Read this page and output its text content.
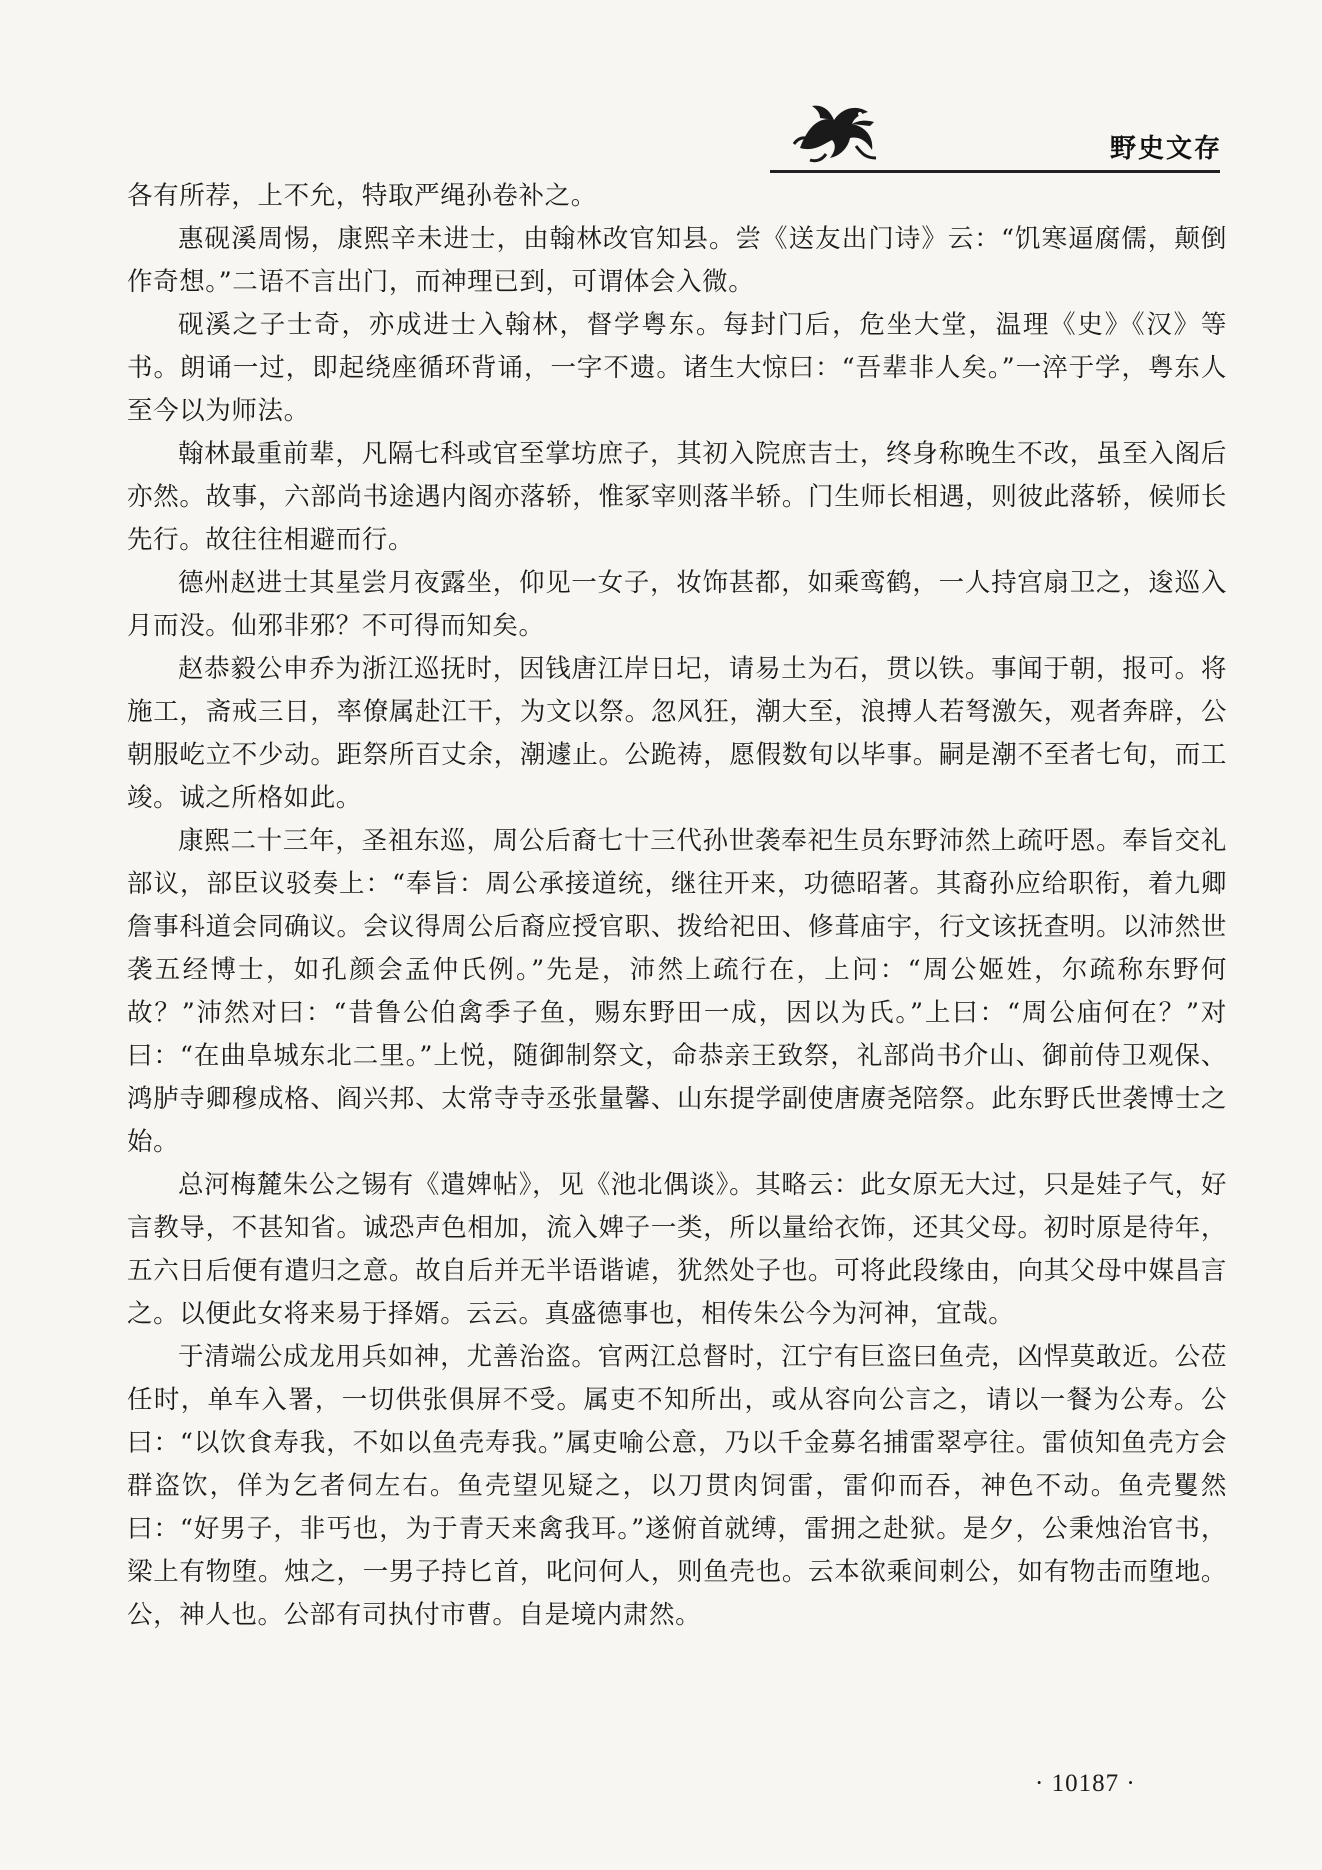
野史文存

各有所荐，上不允，特取严绳孙卷补之。

惠砚溪周惕，康熙辛未进士，由翰林改官知县。尝《送友出门诗》云：“饥寒逼腐儒，颠倒作奇想。”二语不言出门，而神理已到，可谓体会入微。

砚溪之子士奇，亦成进士入翰林，督学粤东。每封门后，危坐大堂，温理《史》《汉》等书。朗诵一过，即起绕座循环背诵，一字不遗。诸生大惊曰：“吾辈非人矣。”一淬于学，粤东人至今以为师法。

翰林最重前辈，凡隔七科或官至掌坊庶子，其初入院庶吉士，终身称晚生不改，虽至入阁后亦然。故事，六部尚书途遇内阁亦落轿，惟冢宰则落半轿。门生师长相遇，则彼此落轿，候师长先行。故往往相避而行。

德州赵进士其星尝月夜露坐，仰见一女子，妆饰甚都，如乘鸾鹤，一人持宫扇卫之，逡巡入月而没。仙邪非邪？不可得而知矣。

赵恭毅公申乔为浙江巡抚时，因钱唐江岸日圮，请易土为石，贯以铁。事闻于朝，报可。将施工，斋戒三日，率僚属赴江干，为文以祭。忽风狂，潮大至，浪搏人若弩激矢，观者奔辟，公朝服屹立不少动。距祭所百丈余，潮遽止。公跪祷，愿假数旬以毕事。嗣是潮不至者七旬，而工竣。诚之所格如此。

康熙二十三年，圣祖东巡，周公后裔七十三代孙世袭奉祀生员东野沛然上疏吁恩。奉旨交礼部议，部臣议驳奏上：“奉旨：周公承接道统，继往开来，功德昭著。其裔孙应给职衔，着九卿詹事科道会同确议。会议得周公后裔应授官职、拨给祀田、修葺庙宇，行文该抚查明。以沛然世袭五经博士，如孔颜会孟仲氏例。”先是，沛然上疏行在，上问：“周公姬姓，尔疏称东野何故？”沛然对曰：“昔鲁公伯禽季子鱼，赐东野田一成，因以为氏。”上曰：“周公庙何在？”对曰：“在曲阜城东北二里。”上悦，随御制祭文，命恭亲王致祭，礼部尚书介山、御前侍卫观保、鸿胪寺卿穆成格、阎兴邦、太常寺寺丞张量馨、山东提学副使唐赓尧陪祭。此东野氏世袭博士之始。

总河梅麓朱公之锡有《遣婢帖》，见《池北偶谈》。其略云：此女原无大过，只是娃子气，好言教导，不甚知省。诚恐声色相加，流入婢子一类，所以量给衣饰，还其父母。初时原是待年，五六日后便有遣归之意。故自后并无半语谐谑，犹然处子也。可将此段缘由，向其父母中媒昌言之。以便此女将来易于择婿。云云。真盛德事也，相传朱公今为河神，宜哉。

于清端公成龙用兵如神，尤善治盗。官两江总督时，江宁有巨盗曰鱼壳，凶悍莫敢近。公莅任时，单车入署，一切供张俱屏不受。属吏不知所出，或从容向公言之，请以一餐为公寿。公曰：“以饮食寿我，不如以鱼壳寿我。”属吏喻公意，乃以千金募名捕雷翠亭往。雷侦知鱼壳方会群盗饮，佯为乞者伺左右。鱼壳望见疑之，以刀贯肉饲雷，雷仰而吞，神色不动。鱼壳矍然曰：“好男子，非丐也，为于青天来禽我耳。”遂俯首就缚，雷拥之赴狱。是夕，公秉烛治官书，梁上有物堕。烛之，一男子持匕首，叱问何人，则鱼壳也。云本欲乘间刺公，如有物击而堕地。公，神人也。公部有司执付市曹。自是境内肃然。

· 10187 ·
